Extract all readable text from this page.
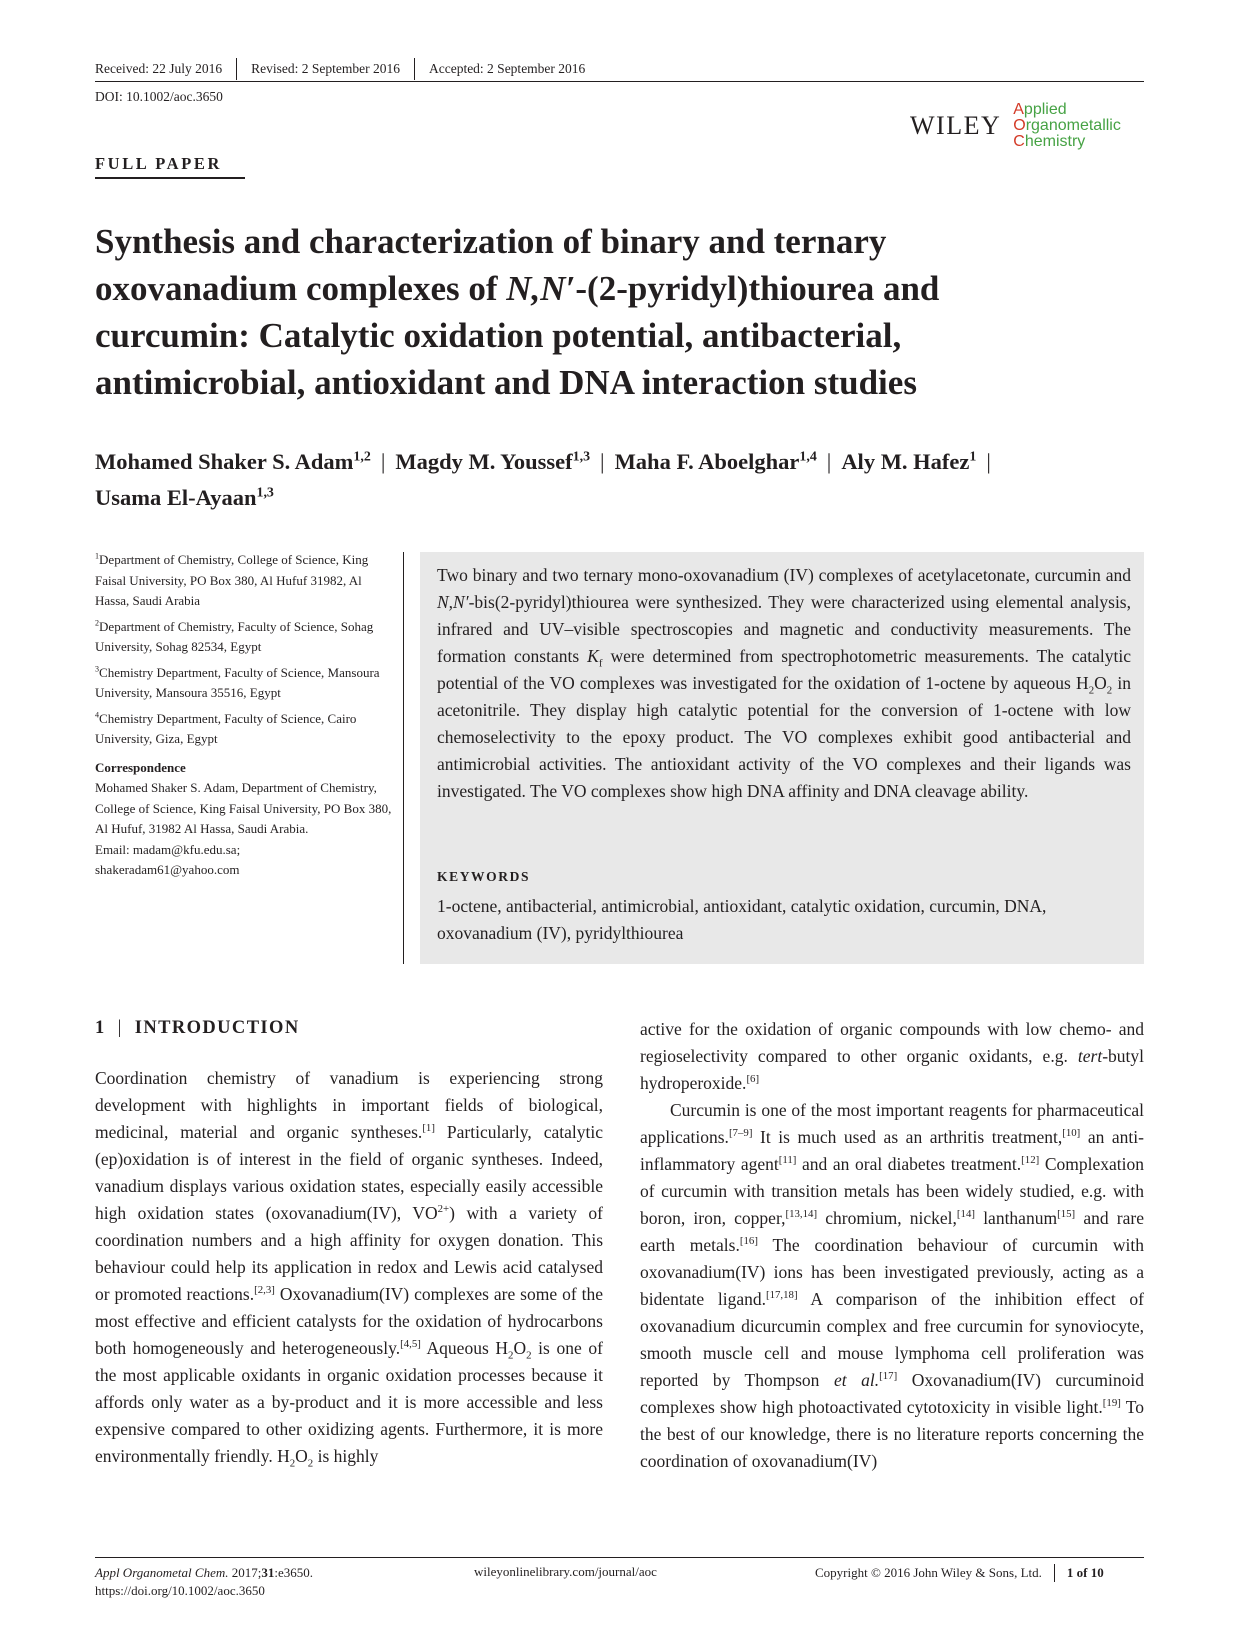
Received: 22 July 2016 Revised: 2 September 2016 Accepted: 2 September 2016
DOI: 10.1002/aoc.3650
WILEY
Applied
Organometallic
Chemistry
FULL PAPER
Synthesis and characterization of binary and ternary oxovanadium complexes of N,N′-(2-pyridyl)thiourea and curcumin: Catalytic oxidation potential, antibacterial, antimicrobial, antioxidant and DNA interaction studies
Mohamed Shaker S. Adam$^{1,2}$ | Magdy M. Youssef$^{1,3}$ | Maha F. Aboelghar$^{1,4}$ | Aly M. Hafez$^1$ |
Usama El-Ayaan$^{1,3}$

$^1$Department of Chemistry, College of Science, King Faisal University, PO Box 380, Al Hufuf 31982, Al Hassa, Saudi Arabia

$^2$Department of Chemistry, Faculty of Science, Sohag University, Sohag 82534, Egypt

$^3$Chemistry Department, Faculty of Science, Mansoura University, Mansoura 35516, Egypt

$^4$Chemistry Department, Faculty of Science, Cairo University, Giza, Egypt

Correspondence

Mohamed Shaker S. Adam, Department of Chemistry, College of Science, King Faisal University, PO Box 380, Al Hufuf, 31982 Al Hassa, Saudi Arabia.
Email: madam@kfu.edu.sa;
shakeradam61@yahoo.com

Two binary and two ternary mono-oxovanadium (IV) complexes of acetylacetonate, curcumin and N,N′-bis(2-pyridyl)thiourea were synthesized. They were characterized using elemental analysis, infrared and UV–visible spectroscopies and magnetic and conductivity measurements. The formation constants $K_f$ were determined from spectrophotometric measurements. The catalytic potential of the VO complexes was investigated for the oxidation of 1-octene by aqueous $H_2O_2$ in acetonitrile. They display high catalytic potential for the conversion of 1-octene with low chemoselectivity to the epoxy product. The VO complexes exhibit good antibacterial and antimicrobial activities. The antioxidant activity of the VO complexes and their ligands was investigated. The VO complexes show high DNA affinity and DNA cleavage ability.

KEYWORDS
1-octene, antibacterial, antimicrobial, antioxidant, catalytic oxidation, curcumin, DNA, oxovanadium (IV), pyridylthiourea
1 | INTRODUCTION

Coordination chemistry of vanadium is experiencing strong development with highlights in important fields of biological, medicinal, material and organic syntheses.[1] Particularly, catalytic (ep)oxidation is of interest in the field of organic syntheses. Indeed, vanadium displays various oxidation states, especially easily accessible high oxidation states (oxovanadium(IV), $VO^{2+}$) with a variety of coordination numbers and a high affinity for oxygen donation. This behaviour could help its application in redox and Lewis acid catalysed or promoted reactions.[2,3] Oxovanadium(IV) complexes are some of the most effective and efficient catalysts for the oxidation of hydrocarbons both homogeneously and heterogeneously.[4,5] Aqueous $H_2O_2$ is one of the most applicable oxidants in organic oxidation processes because it affords only water as a by-product and it is more accessible and less expensive compared to other oxidizing agents. Furthermore, it is more environmentally friendly. $H_2O_2$ is highly

active for the oxidation of organic compounds with low chemo- and regioselectivity compared to other organic oxidants, e.g. tert-butyl hydroperoxide.[6]

Curcumin is one of the most important reagents for pharmaceutical applications.[7–9] It is much used as an arthritis treatment,[10] an anti-inflammatory agent[11] and an oral diabetes treatment.[12] Complexation of curcumin with transition metals has been widely studied, e.g. with boron, iron, copper,[13,14] chromium, nickel,[14] lanthanum[15] and rare earth metals.[16] The coordination behaviour of curcumin with oxovanadium(IV) ions has been investigated previously, acting as a bidentate ligand.[17,18] A comparison of the inhibition effect of oxovanadium dicurcumin complex and free curcumin for synoviocyte, smooth muscle cell and mouse lymphoma cell proliferation was reported by Thompson et al.[17] Oxovanadium(IV) curcuminoid complexes show high photoactivated cytotoxicity in visible light.[19] To the best of our knowledge, there is no literature reports concerning the coordination of oxovanadium(IV)

Appl Organometal Chem. 2017;31:e3650.
https://doi.org/10.1002/aoc.3650
wileyonlinelibrary.com/journal/aoc	Copyright © 2016 John Wiley & Sons, Ltd. 1 of 10
